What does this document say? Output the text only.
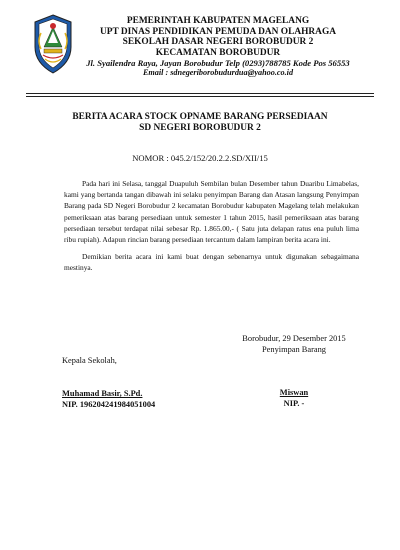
PEMERINTAH KABUPATEN MAGELANG
UPT DINAS PENDIDIKAN PEMUDA DAN OLAHRAGA
SEKOLAH DASAR NEGERI BOROBUDUR 2
KECAMATAN BOROBUDUR
Jl. Syailendra Raya, Jayan Borobudur Telp (0293)788785 Kode Pos 56553
Email : sdnegeriborobudurdua@yahoo.co.id
BERITA ACARA STOCK OPNAME BARANG PERSEDIAAN
SD NEGERI BOROBUDUR 2
NOMOR : 045.2/152/20.2.2.SD/XII/15

Pada hari ini Selasa, tanggal Duapuluh Sembilan bulan Desember tahun Duaribu Limabelas, kami yang bertanda tangan dibawah ini selaku penyimpan Barang dan Atasan langsung Penyimpan Barang pada SD Negeri Borobudur 2 kecamatan Borobudur kabupaten Magelang telah melakukan pemeriksaan atas barang persediaan untuk semester 1 tahun 2015, hasil pemeriksaan atas barang persediaan tersebut terdapat nilai sebesar Rp. 1.865.00,- ( Satu juta delapan ratus ena puluh lima ribu rupiah). Adapun rincian barang persediaan tercantum dalam lampiran berita acara ini.

Demikian berita acara ini kami buat dengan sebenarnya untuk digunakan sebagaimana mestinya.

Kepala Sekolah,
Muhamad Basir, S.Pd.
NIP. 196204241984051004
Borobudur, 29 Desember 2015
Penyimpan Barang
Miswan
NIP. -
